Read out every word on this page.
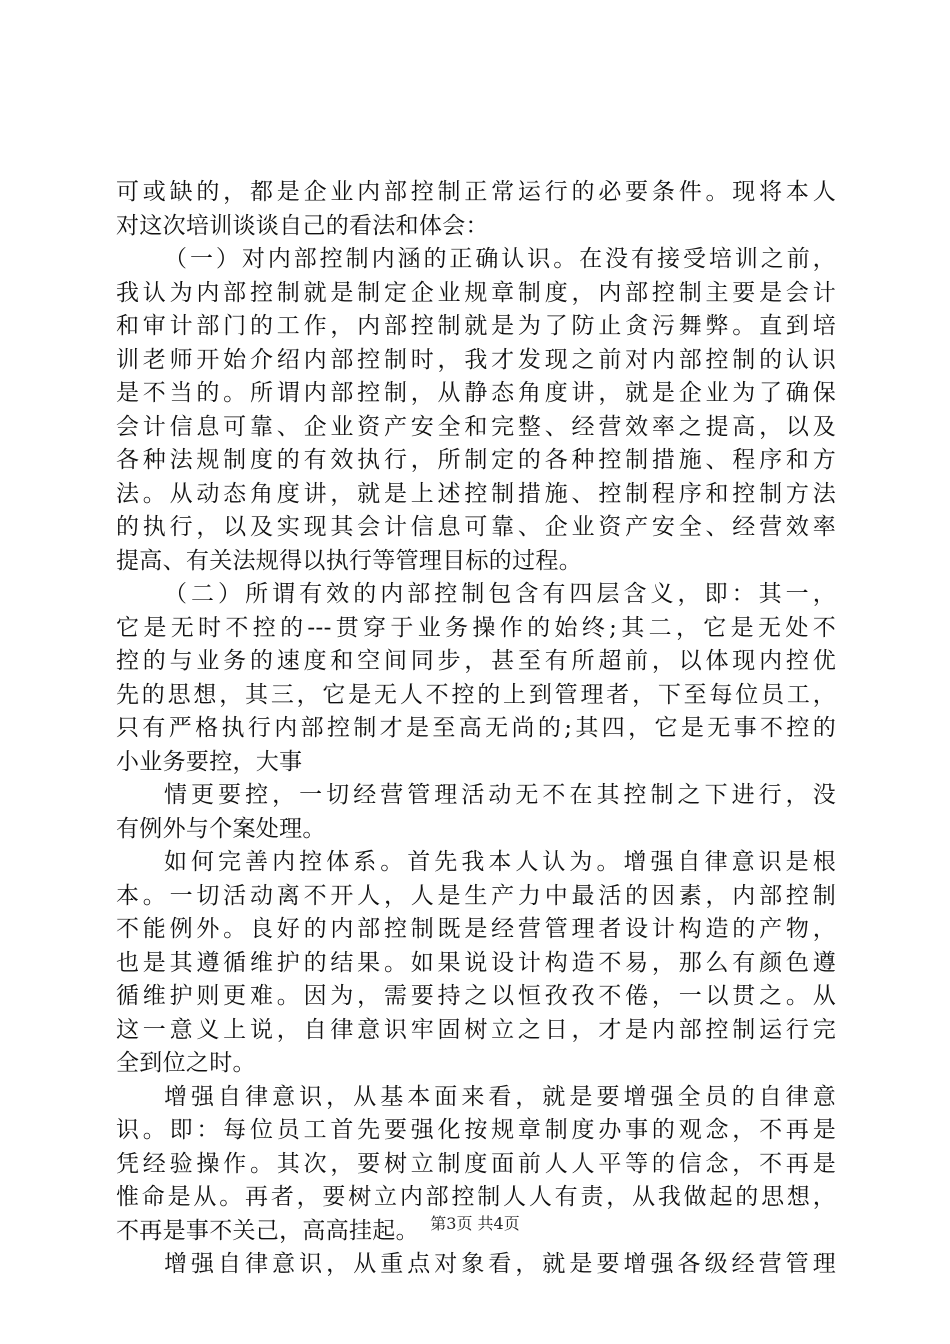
可或缺的，都是企业内部控制正常运行的必要条件。现将本人
对这次培训谈谈自己的看法和体会：
（一）对内部控制内涵的正确认识。在没有接受培训之前，
我认为内部控制就是制定企业规章制度，内部控制主要是会计
和审计部门的工作，内部控制就是为了防止贪污舞弊。直到培
训老师开始介绍内部控制时，我才发现之前对内部控制的认识
是不当的。所谓内部控制，从静态角度讲，就是企业为了确保
会计信息可靠、企业资产安全和完整、经营效率之提高，以及
各种法规制度的有效执行，所制定的各种控制措施、程序和方
法。从动态角度讲，就是上述控制措施、控制程序和控制方法
的执行，以及实现其会计信息可靠、企业资产安全、经营效率
提高、有关法规得以执行等管理目标的过程。
（二）所谓有效的内部控制包含有四层含义，即：其一，
它是无时不控的---贯穿于业务操作的始终;其二，它是无处不
控的与业务的速度和空间同步，甚至有所超前，以体现内控优
先的思想，其三，它是无人不控的上到管理者，下至每位员工，
只有严格执行内部控制才是至高无尚的;其四，它是无事不控的
小业务要控，大事
情更要控，一切经营管理活动无不在其控制之下进行，没
有例外与个案处理。
如何完善内控体系。首先我本人认为。增强自律意识是根
本。一切活动离不开人，人是生产力中最活的因素，内部控制
不能例外。良好的内部控制既是经营管理者设计构造的产物，
也是其遵循维护的结果。如果说设计构造不易，那么有颜色遵
循维护则更难。因为，需要持之以恒孜孜不倦，一以贯之。从
这一意义上说，自律意识牢固树立之日，才是内部控制运行完
全到位之时。
增强自律意识，从基本面来看，就是要增强全员的自律意
识。即：每位员工首先要强化按规章制度办事的观念，不再是
凭经验操作。其次，要树立制度面前人人平等的信念，不再是
惟命是从。再者，要树立内部控制人人有责，从我做起的思想，
不再是事不关己，高高挂起。
增强自律意识，从重点对象看，就是要增强各级经营管理
第3页 共4页
